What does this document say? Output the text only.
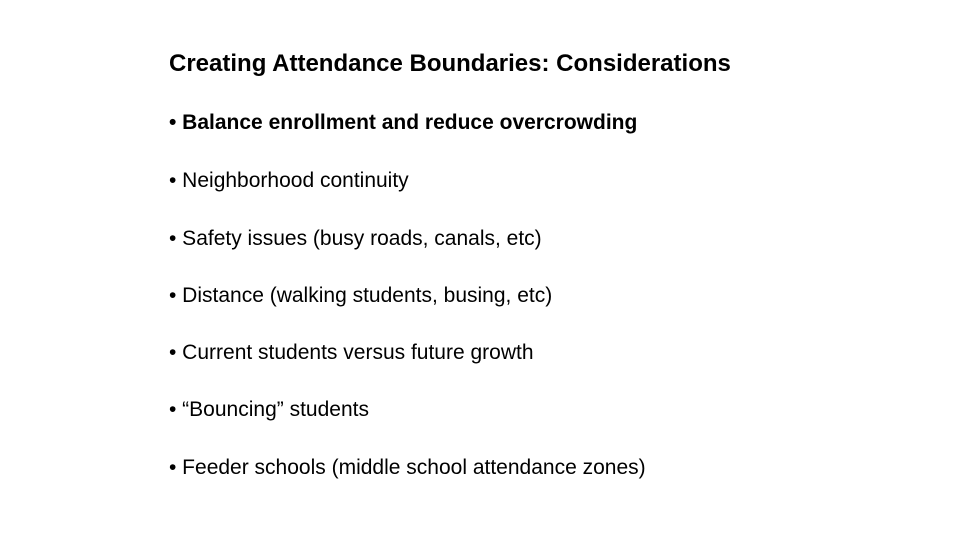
Creating Attendance Boundaries: Considerations

• Balance enrollment and reduce overcrowding

• Neighborhood continuity

• Safety issues (busy roads, canals, etc)

• Distance (walking students, busing, etc)

• Current students versus future growth

• “Bouncing” students

• Feeder schools (middle school attendance zones)
